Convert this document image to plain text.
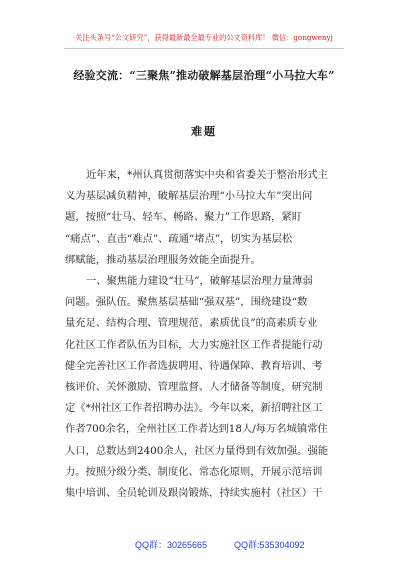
关注头条号“公文研究”，获得最新最全最专业的公文资料库！ 微信：gongwenyj
经验交流：“三聚焦”推动破解基层治理“小马拉大车”
难题
近年来，*州认真贯彻落实中央和省委关于整治形式主
义为基层减负精神，破解基层治理“小马拉大车”突出问
题，按照“壮马、轻车、畅路、聚力”工作思路，紧盯
“痛点”、直击“难点”、疏通“堵点”，切实为基层松
绑赋能，推动基层治理服务效能全面提升。
一、聚焦能力建设“壮马”，破解基层治理力量薄弱
问题。强队伍。聚焦基层基础“强双基”，围绕建设“数
量充足、结构合理、管理规范、素质优良”的高素质专业
化社区工作者队伍为目标，大力实施社区工作者提能行动
健全完善社区工作者选拔聘用、待遇保障、教育培训、考
核评价、关怀激励、管理监督、人才储备等制度，研究制
定《*州社区工作者招聘办法》。今年以来，新招聘社区工
作者700余名，全州社区工作者达到18人/每万名城镇常住
人口，总数达到2400余人，社区力量得到有效加强。强能
力。按照分级分类、制度化、常态化原则，开展示范培训
集中培训、全员轮训及跟岗锻炼，持续实施村（社区）干
QQ群：30265665	QQ群:535304092
